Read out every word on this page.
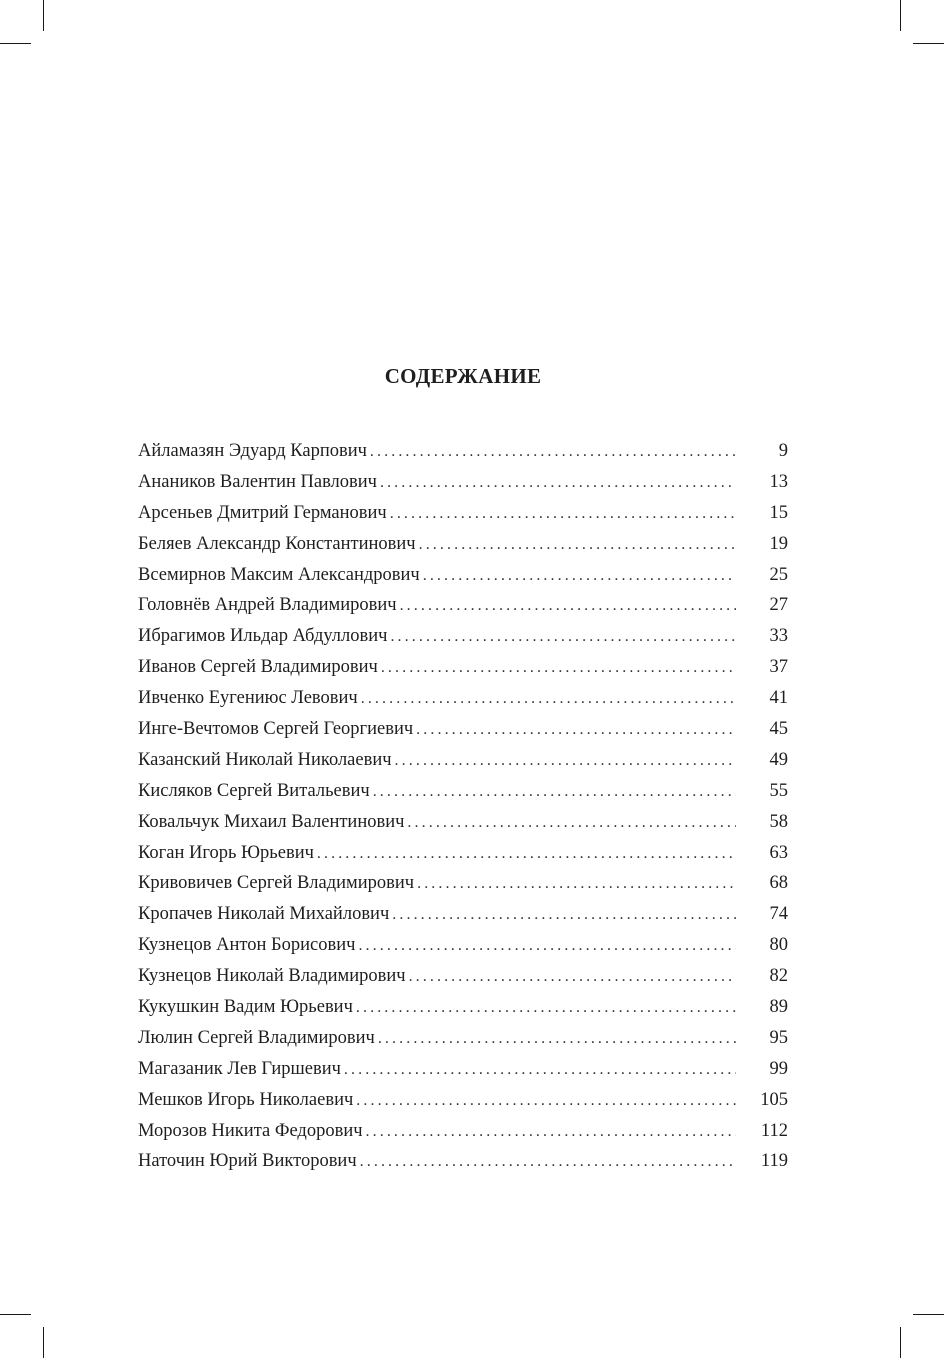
СОДЕРЖАНИЕ
Айламазян Эдуард Карпович . . .	9
Анаников Валентин Павлович . . .	13
Арсеньев Дмитрий Германович . . .	15
Беляев Александр Константинович . . .	19
Всемирнов Максим Александрович . . .	25
Головнёв Андрей Владимирович . . .	27
Ибрагимов Ильдар Абдуллович . . .	33
Иванов Сергей Владимирович . . .	37
Ивченко Eугениюс Левович . . .	41
Инге-Вечтомов Сергей Георгиевич . . .	45
Казанский Николай Николаевич . . .	49
Кисляков Сергей Витальевич . . .	55
Ковальчук Михаил Валентинович . . .	58
Коган Игорь Юрьевич . . .	63
Кривовичев Сергей Владимирович . . .	68
Кропачев Николай Михайлович . . .	74
Кузнецов Антон Борисович . . .	80
Кузнецов Николай Владимирович . . .	82
Кукушкин Вадим Юрьевич . . .	89
Люлин Сергей Владимирович . . .	95
Магазаник Лев Гиршевич . . .	99
Мешков Игорь Николаевич . . .	105
Морозов Никита Федорович . . .	112
Наточин Юрий Викторович . . .	119
